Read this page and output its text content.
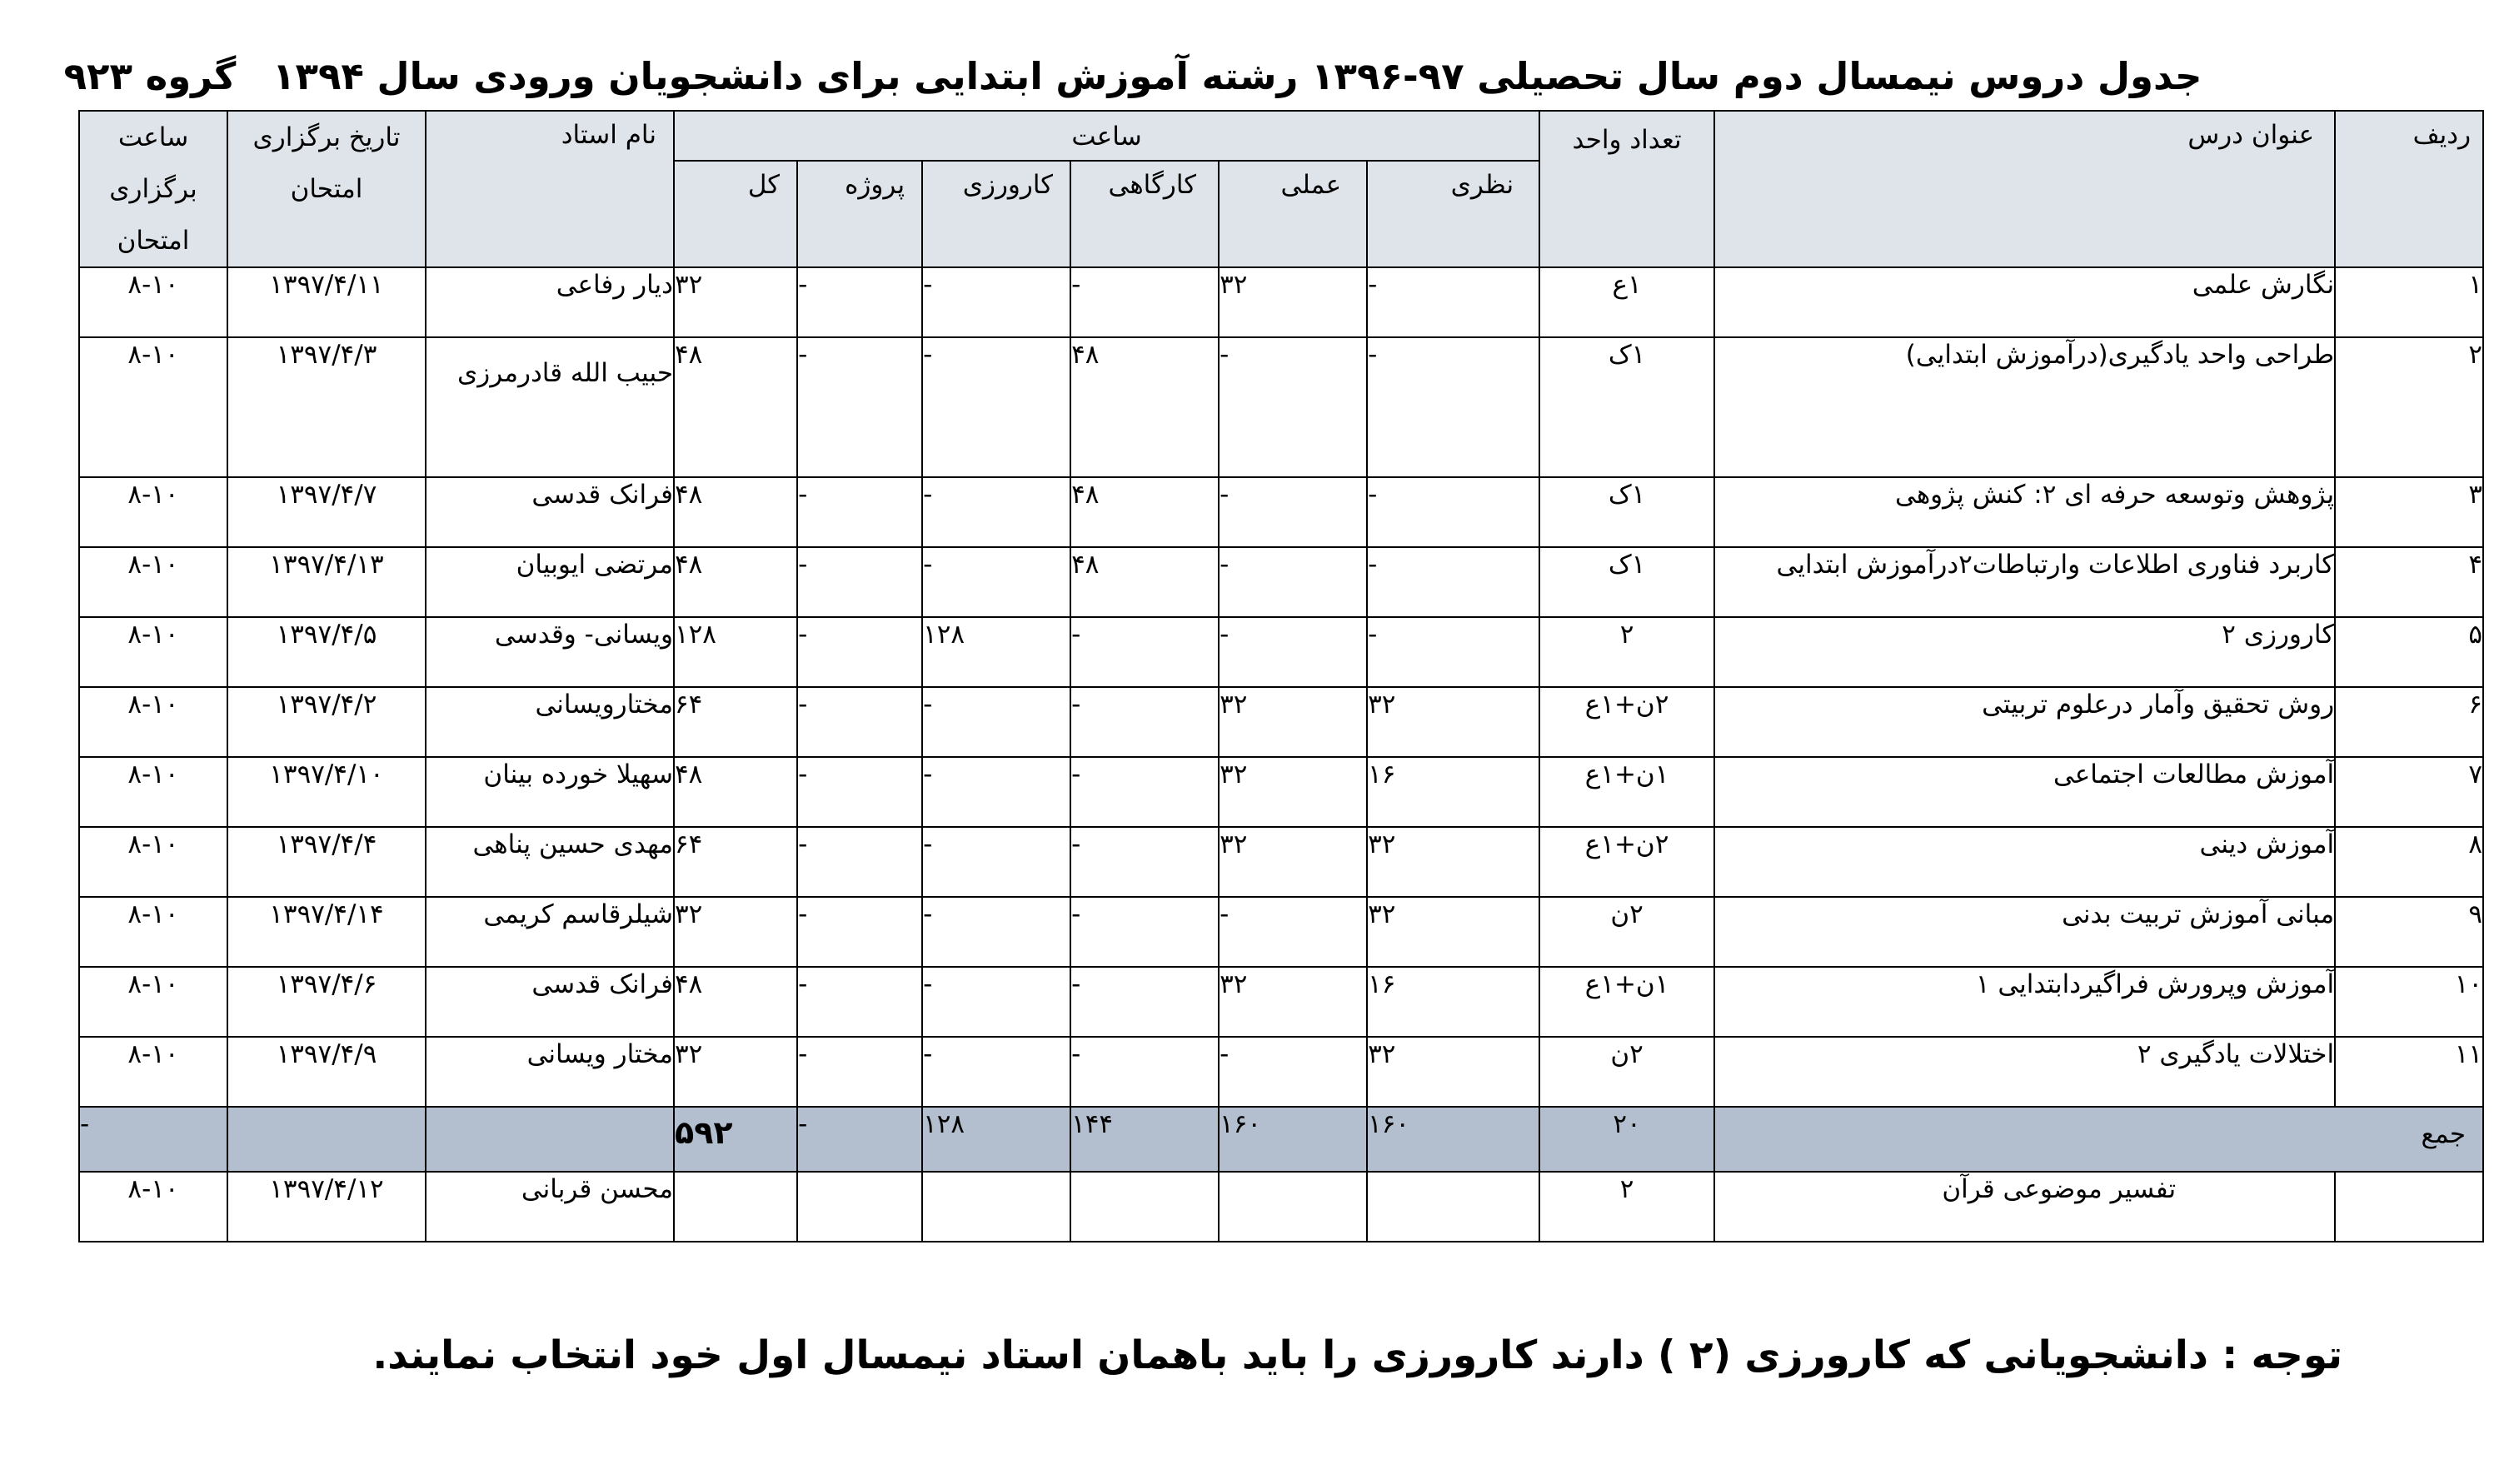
جدول دروس نیمسال دوم سال تحصیلی ۹۷-۱۳۹۶ رشته آموزش ابتدایی برای دانشجویان ورودی سال ۱۳۹۴ گروه ۹۲۳
ردیف	عنوان درس	تعداد واحد	ساعت						نام استاد	تاریخ برگزاری امتحان	ساعت برگزاری امتحان

			نظری	عملی	کارگاهی	کارورزی	پروژه	کل			

۱	نگارش علمی	۱ع	-	۳۲	-	-	-	۳۲	دیار رفاعی	۱۳۹۷/۴/۱۱	۸-۱۰
۲	طراحی واحد یادگیری(درآموزش ابتدایی)	۱ک	-	-	۴۸	-	-	۴۸	حبیب الله قادرمرزی	۱۳۹۷/۴/۳	۸-۱۰
۳	پژوهش وتوسعه حرفه ای ۲: کنش پژوهی	۱ک	-	-	۴۸	-	-	۴۸	فرانک قدسی	۱۳۹۷/۴/۷	۸-۱۰
۴	کاربرد فناوری اطلاعات وارتباطات۲درآموزش ابتدایی	۱ک	-	-	۴۸	-	-	۴۸	مرتضی ایوبیان	۱۳۹۷/۴/۱۳	۸-۱۰
۵	کارورزی ۲	۲	-	-	-	۱۲۸	-	۱۲۸	ویسانی- وقدسی	۱۳۹۷/۴/۵	۸-۱۰
۶	روش تحقیق وآمار درعلوم تربیتی	۲ن+۱ع	۳۲	۳۲	-	-	-	۶۴	مختارویسانی	۱۳۹۷/۴/۲	۸-۱۰
۷	آموزش مطالعات اجتماعی	۱ن+۱ع	۱۶	۳۲	-	-	-	۴۸	سهیلا خورده بینان	۱۳۹۷/۴/۱۰	۸-۱۰
۸	آموزش دینی	۲ن+۱ع	۳۲	۳۲	-	-	-	۶۴	مهدی حسین پناهی	۱۳۹۷/۴/۴	۸-۱۰
۹	مبانی آموزش تربیت بدنی	۲ن	۳۲	-	-	-	-	۳۲	شیلرقاسم کریمی	۱۳۹۷/۴/۱۴	۸-۱۰
۱۰	آموزش وپرورش فراگیردابتدایی ۱	۱ن+۱ع	۱۶	۳۲	-	-	-	۴۸	فرانک قدسی	۱۳۹۷/۴/۶	۸-۱۰
۱۱	اختلالات یادگیری ۲	۲ن	۳۲	-	-	-	-	۳۲	مختار ویسانی	۱۳۹۷/۴/۹	۸-۱۰
جمع		۲۰	۱۶۰	۱۶۰	۱۴۴	۱۲۸	-	۵۹۲			-
	تفسیر موضوعی قرآن	۲							محسن قربانی	۱۳۹۷/۴/۱۲	۸-۱۰
توجه : دانشجویانی که کارورزی (۲ ) دارند کارورزی را باید باهمان استاد نیمسال اول خود انتخاب نمایند.
